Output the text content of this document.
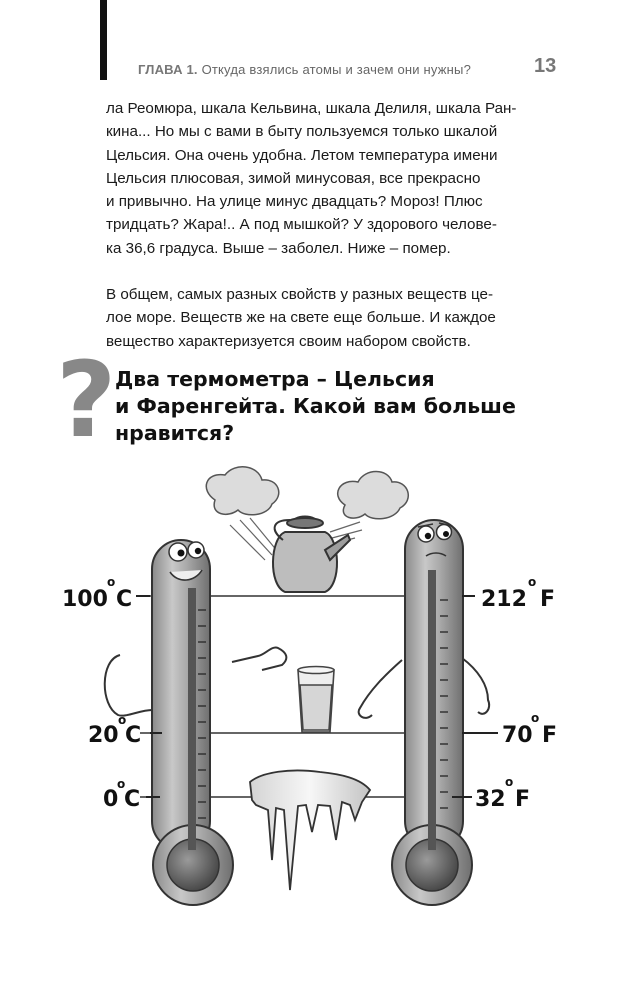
ГЛАВА 1. Откуда взялись атомы и зачем они нужны?	13
ла Реомюра, шкала Кельвина, шкала Делиля, шкала Ран-
кина... Но мы с вами в быту пользуемся только шкалой
Цельсия. Она очень удобна. Летом температура имени
Цельсия плюсовая, зимой минусовая, все прекрасно
и привычно. На улице минус двадцать? Мороз! Плюс
тридцать? Жара!.. А под мышкой? У здорового челове-
ка 36,6 градуса. Выше – заболел. Ниже – помер.
В общем, самых разных свойств у разных веществ це-
лое море. Веществ же на свете еще больше. И каждое
вещество характеризуется своим набором свойств.
?
Два термометра – Цельсия
и Фаренгейта. Какой вам больше
нравится?
100
o
C
20
o
C
0
o
C
212
o
F
70
o
F
32
o
F
